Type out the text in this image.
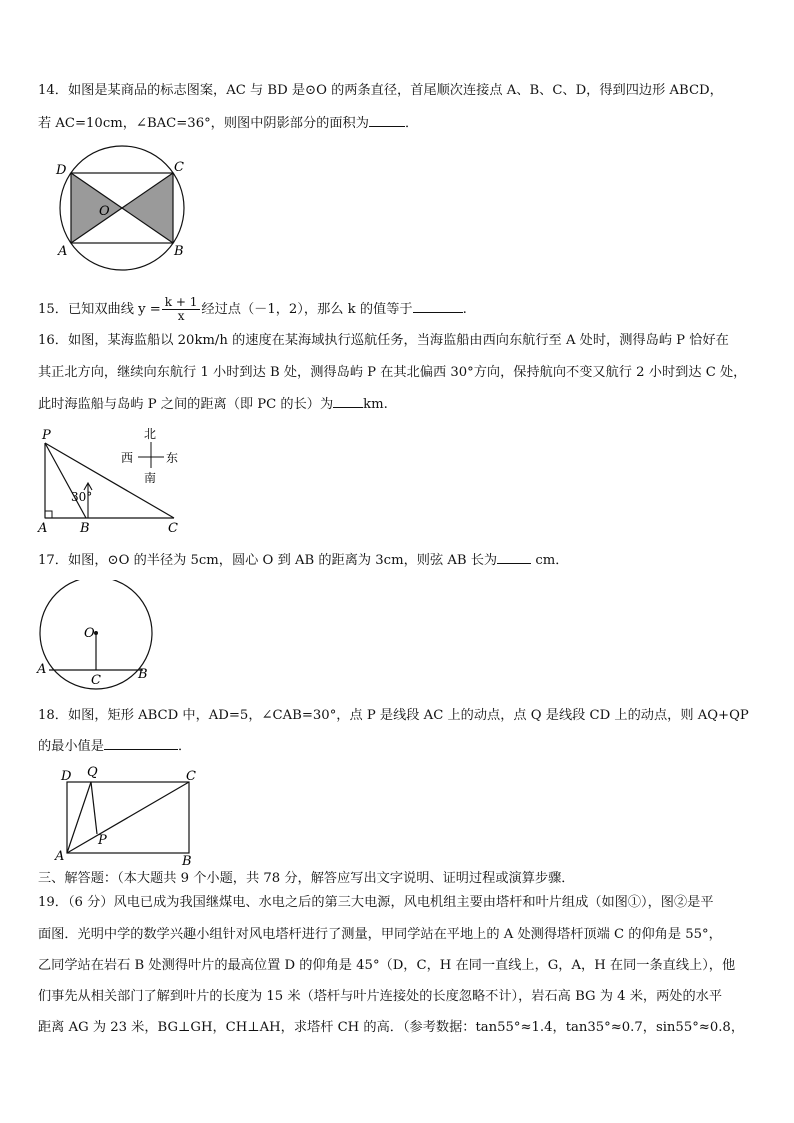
14．如图是某商品的标志图案，AC 与 BD 是⊙O 的两条直径，首尾顺次连接点 A、B、C、D，得到四边形 ABCD，
若 AC=10cm，∠BAC=36°，则图中阴影部分的面积为	．
D	C
O
A	B
15．已知双曲线 $y = \frac{k + 1}{x}$ 经过点（－1，2），那么 k 的值等于	.
16．如图，某海监船以 20km/h 的速度在某海域执行巡航任务，当海监船由西向东航行至 A 处时，测得岛屿 P 恰好在
其正北方向，继续向东航行 1 小时到达 B 处，测得岛屿 P 在其北偏西 30°方向，保持航向不变又航行 2 小时到达 C 处，
此时海监船与岛屿 P 之间的距离（即 PC 的长）为 km.
30°
P
A	B	C
北
南
西	东
17．如图，⊙O 的半径为 5cm，圆心 O 到 AB 的距离为 3cm，则弦 AB 长为	cm．
O
A	B
C
18．如图，矩形 ABCD 中，AD=5，∠CAB=30°，点 P 是线段 AC 上的动点，点 Q 是线段 CD 上的动点，则 AQ+QP
的最小值是	．
D Q	C
P
A	B
三、解答题：（本大题共 9 个小题，共 78 分，解答应写出文字说明、证明过程或演算步骤．
19．（6 分）风电已成为我国继煤电、水电之后的第三大电源，风电机组主要由塔杆和叶片组成（如图①），图②是平
面图．光明中学的数学兴趣小组针对风电塔杆进行了测量，甲同学站在平地上的 A 处测得塔杆顶端 C 的仰角是 55°，
乙同学站在岩石 B 处测得叶片的最高位置 D 的仰角是 45°（D，C，H 在同一直线上，G，A，H 在同一条直线上），他
们事先从相关部门了解到叶片的长度为 15 米（塔杆与叶片连接处的长度忽略不计），岩石高 BG 为 4 米，两处的水平
距离 AG 为 23 米，BG⊥GH，CH⊥AH，求塔杆 CH 的高．（参考数据：tan55°≈1.4，tan35°≈0.7，sin55°≈0.8，
